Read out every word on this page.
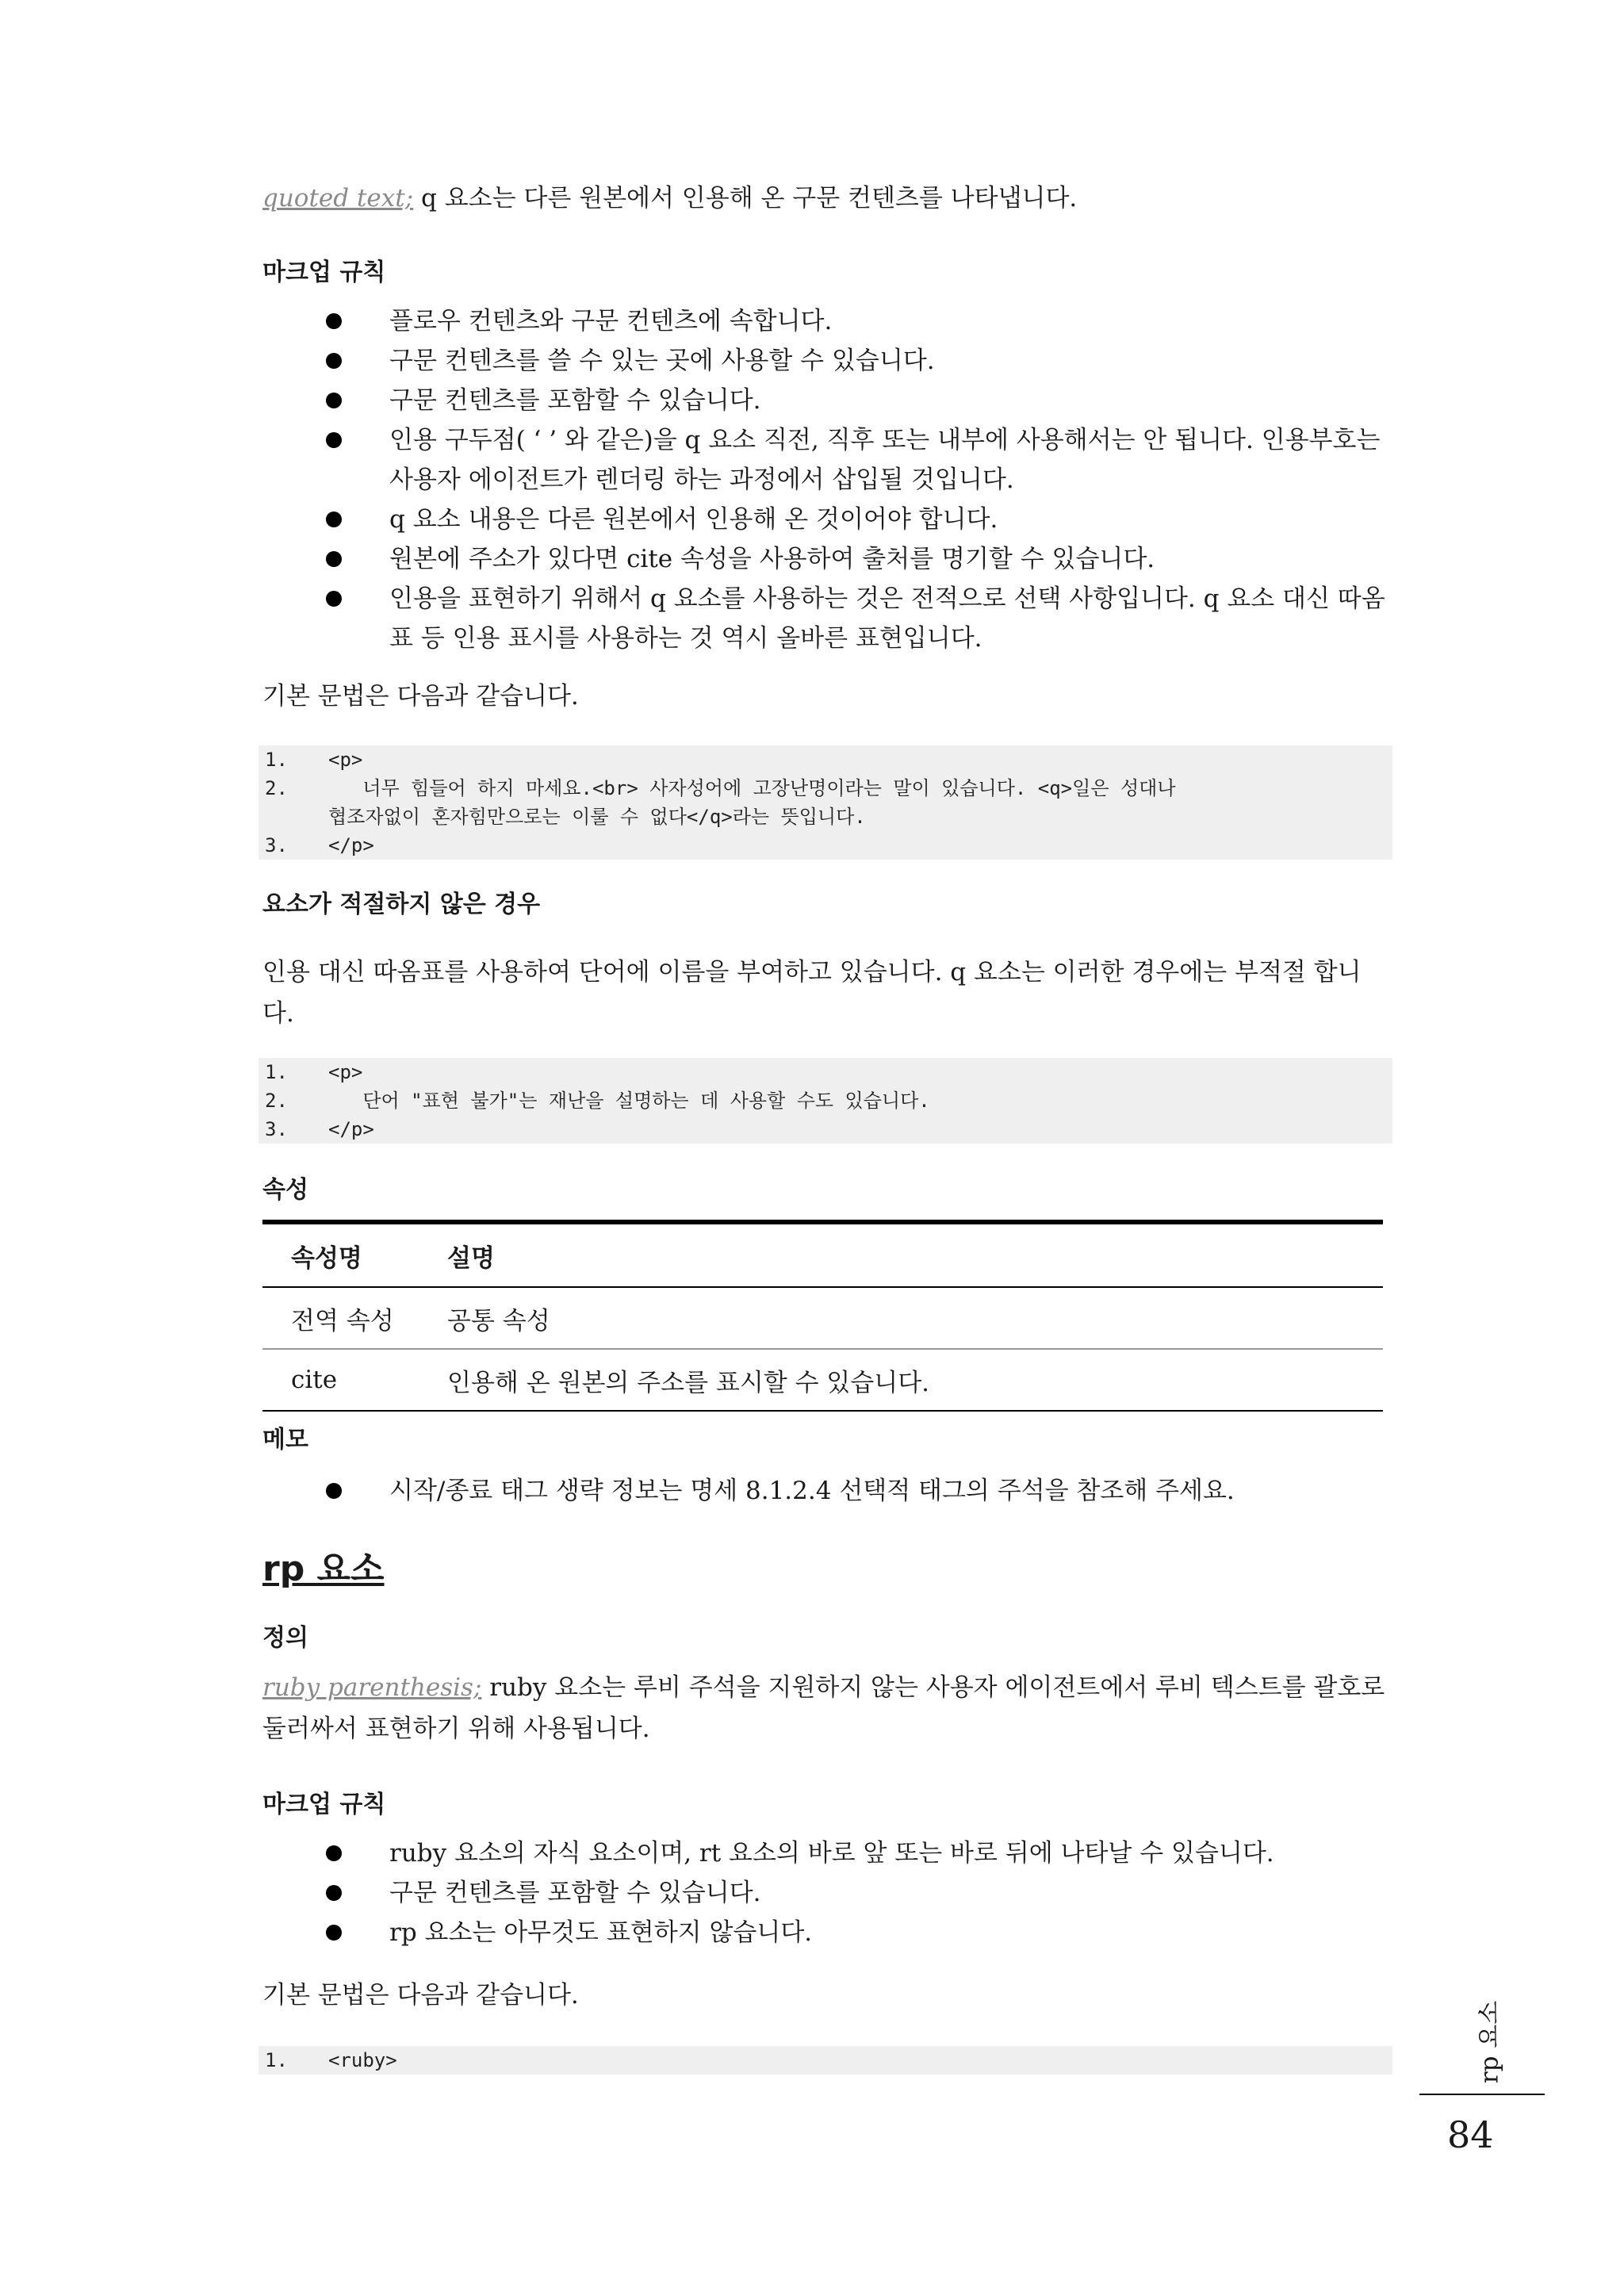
quoted text; q 요소는 다른 원본에서 인용해 온 구문 컨텐츠를 나타냅니다.
마크업 규칙
플로우 컨텐츠와 구문 컨텐츠에 속합니다.
구문 컨텐츠를 쓸 수 있는 곳에 사용할 수 있습니다.
구문 컨텐츠를 포함할 수 있습니다.
인용 구두점( ‘ ’ 와 같은)을 q 요소 직전, 직후 또는 내부에 사용해서는 안 됩니다. 인용부호는 사용자 에이전트가 렌더링 하는 과정에서 삽입될 것입니다.
q 요소 내용은 다른 원본에서 인용해 온 것이어야 합니다.
원본에 주소가 있다면 cite 속성을 사용하여 출처를 명기할 수 있습니다.
인용을 표현하기 위해서 q 요소를 사용하는 것은 전적으로 선택 사항입니다. q 요소 대신 따옴표 등 인용 표시를 사용하는 것 역시 올바른 표현입니다.
기본 문법은 다음과 같습니다.
1. <p>
2. 너무 힘들어 하지 마세요.<br> 사자성어에 고장난명이라는 말이 있습니다. <q>일은 성대나
협조자없이 혼자힘만으로는 이룰 수 없다</q>라는 뜻입니다.
3. </p>
요소가 적절하지 않은 경우
인용 대신 따옴표를 사용하여 단어에 이름을 부여하고 있습니다. q 요소는 이러한 경우에는 부적절 합니다.
1. <p>
2. 단어 "표현 불가"는 재난을 설명하는 데 사용할 수도 있습니다.
3. </p>
속성
속성명	설명
전역 속성	공통 속성
cite	인용해 온 원본의 주소를 표시할 수 있습니다.
메모
시작/종료 태그 생략 정보는 명세 8.1.2.4 선택적 태그의 주석을 참조해 주세요.
rp 요소
정의
ruby parenthesis; ruby 요소는 루비 주석을 지원하지 않는 사용자 에이전트에서 루비 텍스트를 괄호로 둘러싸서 표현하기 위해 사용됩니다.
마크업 규칙
ruby 요소의 자식 요소이며, rt 요소의 바로 앞 또는 바로 뒤에 나타날 수 있습니다.
구문 컨텐츠를 포함할 수 있습니다.
rp 요소는 아무것도 표현하지 않습니다.
기본 문법은 다음과 같습니다.
1. <ruby>	rp 요소
84
